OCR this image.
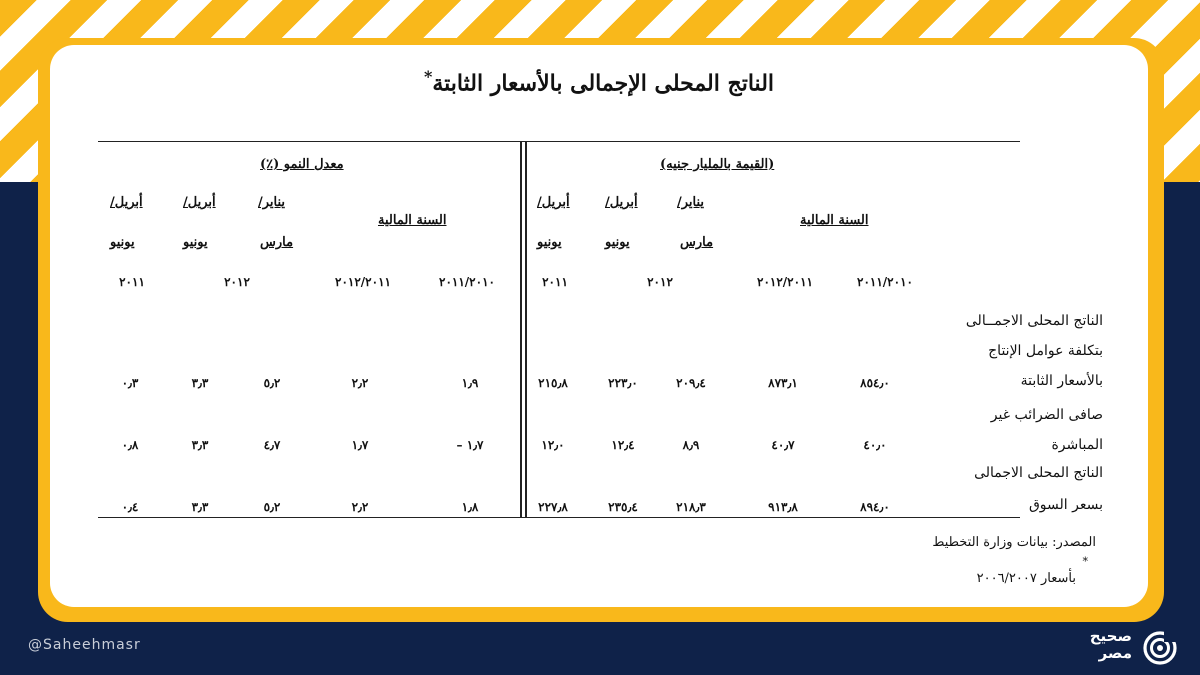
الناتج المحلى الإجمالى بالأسعار الثابتة*
(القيمة بالمليار جنيه)
السنة المالية
يناير/
مارس
أبريل/
يونيو
أبريل/
يونيو
معدل النمو (٪)
السنة المالية
يناير/
مارس
أبريل/
يونيو
أبريل/
يونيو
٢٠١١/٢٠١٠
٢٠١٢/٢٠١١
٢٠١٢
٢٠١١
٢٠١١/٢٠١٠
٢٠١٢/٢٠١١
٢٠١٢
٢٠١١
الناتج المحلى الاجمــالى
بتكلفة عوامل الإنتاج
بالأسعار الثابتة
٨٥٤٫٠
٨٧٣٫١
٢٠٩٫٤
٢٢٣٫٠
٢١٥٫٨
١٫٩
٢٫٢
٥٫٢
٣٫٣
٠٫٣
صافى الضرائب غير
المباشرة
٤٠٫٠
٤٠٫٧
٨٫٩
١٢٫٤
١٢٫٠
– ١٫٧
١٫٧
٤٫٧
٣٫٣
٠٫٨
الناتج المحلى الاجمالى
بسعر السوق
٨٩٤٫٠
٩١٣٫٨
٢١٨٫٣
٢٣٥٫٤
٢٢٧٫٨
١٫٨
٢٫٢
٥٫٢
٣٫٣
٠٫٤
المصدر: بيانات وزارة التخطيط
*
بأسعار ٢٠٠٦/٢٠٠٧
@Saheehmasr	صحيح
مصر
